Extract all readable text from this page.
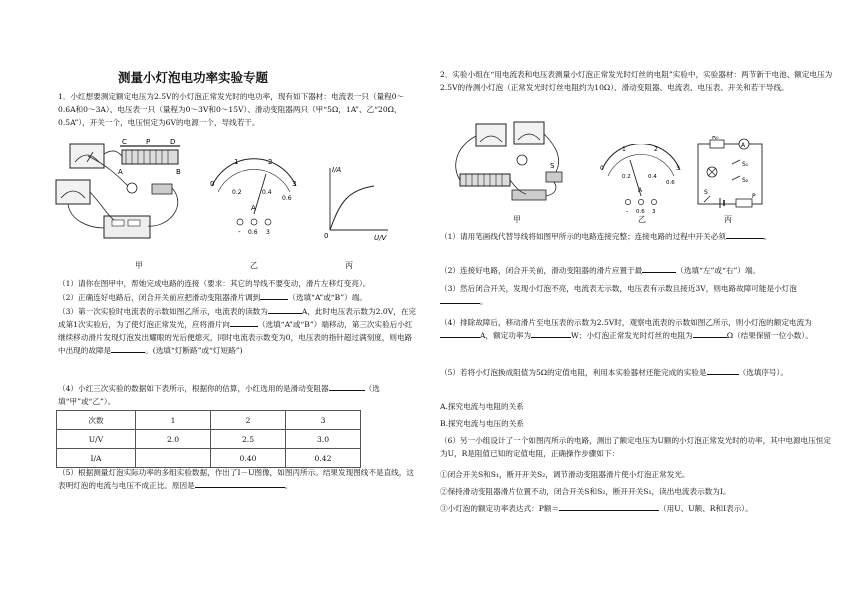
测量小灯泡电功率实验专题
1．小红想要测定额定电压为2.5V的小灯泡正常发光时的电功率，现有如下器材：电流表一只（量程0～0.6A和0～3A）、电压表一只（量程为0～3V和0～15V）、滑动变阻器两只（甲“5Ω，1A”、乙“20Ω，0.5A”），开关一个，电压恒定为6V的电源一个，导线若干。
C	P	D
A	B
甲
0
1	2
3
0.2	0.4
0.6
A
- 0.6 3
乙
I/A
U/V
0
丙
（1）请你在图甲中，帮她完成电路的连接（要求：其它的导线不要变动，滑片左移灯变亮）。
（2）正确连好电路后，闭合开关前应把滑动变阻器滑片调到	（选填“A”或“B”）端。
（3）第一次实验时电流表的示数如图乙所示，电流表的读数为	A，此时电压表示数为2.0V，在完成第1次实验后，为了使灯泡正常发光，应将滑片向	（选填“A”或“B”）端移动，第三次实验后小红继续移动滑片发现灯泡发出耀眼的光后便熄灭，同时电流表示数变为0，电压表的指针超过满刻度，则电路中出现的故障是	。(选填“灯断路”或“灯短路”)
（4）小红三次实验的数据如下表所示，根据你的估算，小红选用的是滑动变阻器	（选填“甲”或“乙”）。
次数	1	2	3
U/V	2.0	2.5	3.0
I/A		0.40	0.42
（5）根据测量灯泡实际功率的多组实验数据，作出了I－U图像，如图丙所示。结果发现图线不是直线，这表明灯泡的电流与电压不成正比。原因是	。
2．实验小组在“用电流表和电压表测量小灯泡正常发光时灯丝的电阻”实验中，实验器材：两节新干电池、额定电压为2.5V的待测小灯泡（正常发光时灯丝电阻约为10Ω）、滑动变阻器、电流表、电压表、开关和若干导线。
S
甲
0
1	2
3
0.2	0.4
0.6
A
- 0.6 3
乙
R₀
A
S₁
S₂
S
P
丙
（1）请用笔画线代替导线将如图甲所示的电路连接完整；连接电路的过程中开关必须	。
（2）连接好电路，闭合开关前，滑动变阻器的滑片应置于最	（选填“左”或“右”）端。
（3）然后闭合开关，发现小灯泡不亮，电流表无示数，电压表有示数且接近3V，则电路故障可能是小灯泡。
（4）排除故障后，移动滑片至电压表的示数为2.5V时，观察电流表的示数如图乙所示，则小灯泡的额定电流为A，额定功率为	W；小灯泡正常发光时灯丝的电阻为	Ω（结果保留一位小数）。
（5）若将小灯泡换成阻值为5Ω的定值电阻，利用本实验器材还能完成的实验是	（选填序号）。
A.探究电流与电阻的关系
B.探究电流与电压的关系
（6）另一小组设计了一个如图丙所示的电路，测出了额定电压为U额的小灯泡正常发光时的功率，其中电源电压恒定为U，R是阻值已知的定值电阻，正确操作步骤如下：
①闭合开关S和S₁，断开开关S₂，调节滑动变阻器滑片使小灯泡正常发光。
②保持滑动变阻器滑片位置不动，闭合开关S和S₂，断开开关S₁，读出电流表示数为I。
③小灯泡的额定功率表达式：P额＝	（用U、U额、R和I表示）。
